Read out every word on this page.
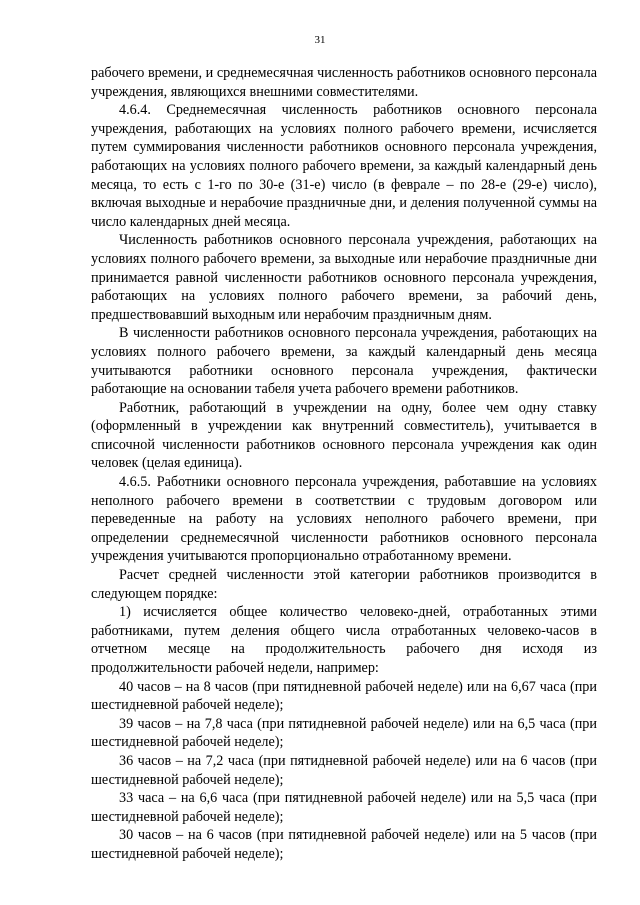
31

рабочего времени, и среднемесячная численность работников основного персонала учреждения, являющихся внешними совместителями.

4.6.4. Среднемесячная численность работников основного персонала учреждения, работающих на условиях полного рабочего времени, исчисляется путем суммирования численности работников основного персонала учреждения, работающих на условиях полного рабочего времени, за каждый календарный день месяца, то есть с 1-го по 30-е (31-е) число (в феврале – по 28-е (29-е) число), включая выходные и нерабочие праздничные дни, и деления полученной суммы на число календарных дней месяца.

Численность работников основного персонала учреждения, работающих на условиях полного рабочего времени, за выходные или нерабочие праздничные дни принимается равной численности работников основного персонала учреждения, работающих на условиях полного рабочего времени, за рабочий день, предшествовавший выходным или нерабочим праздничным дням.

В численности работников основного персонала учреждения, работающих на условиях полного рабочего времени, за каждый календарный день месяца учитываются работники основного персонала учреждения, фактически работающие на основании табеля учета рабочего времени работников.

Работник, работающий в учреждении на одну, более чем одну ставку (оформленный в учреждении как внутренний совместитель), учитывается в списочной численности работников основного персонала учреждения как один человек (целая единица).

4.6.5. Работники основного персонала учреждения, работавшие на условиях неполного рабочего времени в соответствии с трудовым договором или переведенные на работу на условиях неполного рабочего времени, при определении среднемесячной численности работников основного персонала учреждения учитываются пропорционально отработанному времени.

Расчет средней численности этой категории работников производится в следующем порядке:

1) исчисляется общее количество человеко-дней, отработанных этими работниками, путем деления общего числа отработанных человеко-часов в отчетном месяце на продолжительность рабочего дня исходя из продолжительности рабочей недели, например:

40 часов – на 8 часов (при пятидневной рабочей неделе) или на 6,67 часа (при шестидневной рабочей неделе);

39 часов – на 7,8 часа (при пятидневной рабочей неделе) или на 6,5 часа (при шестидневной рабочей неделе);

36 часов – на 7,2 часа (при пятидневной рабочей неделе) или на 6 часов (при шестидневной рабочей неделе);

33 часа – на 6,6 часа (при пятидневной рабочей неделе) или на 5,5 часа (при шестидневной рабочей неделе);

30 часов – на 6 часов (при пятидневной рабочей неделе) или на 5 часов (при шестидневной рабочей неделе);
